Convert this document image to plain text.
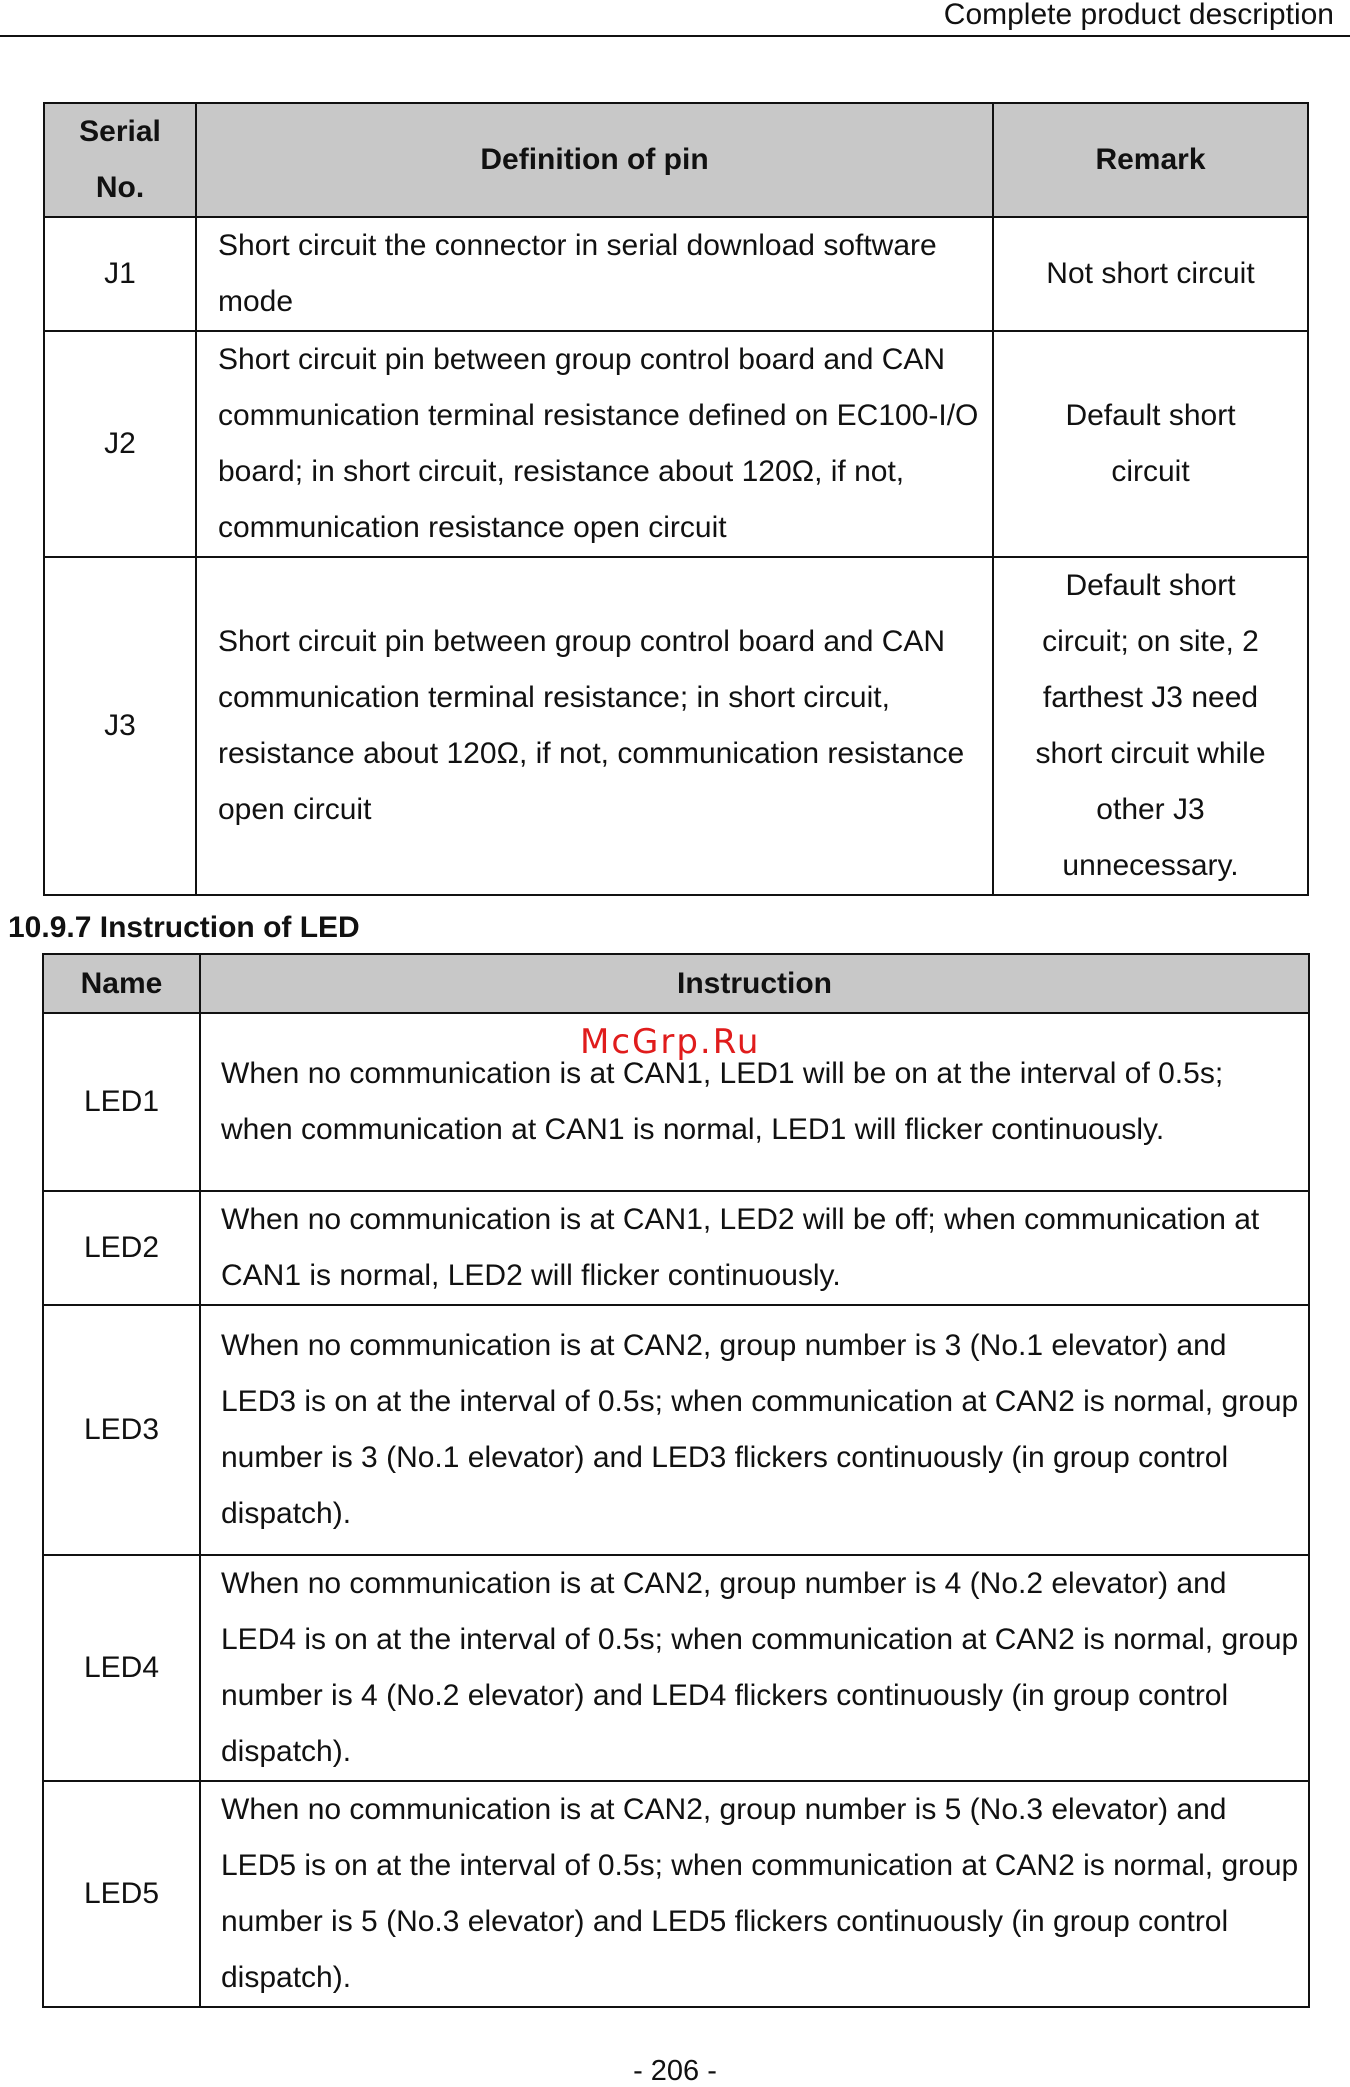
Complete product description
Serial
No.	Definition of pin	Remark
J1	Short circuit the connector in serial download software mode	Not short circuit
J2	Short circuit pin between group control board and CAN communication terminal resistance defined on EC100-I/O board; in short circuit, resistance about 120Ω, if not, communication resistance open circuit	Default short circuit
J3	Short circuit pin between group control board and CAN communication terminal resistance; in short circuit, resistance about 120Ω, if not, communication resistance open circuit	Default short circuit; on site, 2 farthest J3 need short circuit while other J3 unnecessary.
10.9.7 Instruction of LED
Name	Instruction
LED1	When no communication is at CAN1, LED1 will be on at the interval of 0.5s; when communication at CAN1 is normal, LED1 will flicker continuously.
LED2	When no communication is at CAN1, LED2 will be off; when communication at CAN1 is normal, LED2 will flicker continuously.
LED3	When no communication is at CAN2, group number is 3 (No.1 elevator) and LED3 is on at the interval of 0.5s; when communication at CAN2 is normal, group number is 3 (No.1 elevator) and LED3 flickers continuously (in group control dispatch).
LED4	When no communication is at CAN2, group number is 4 (No.2 elevator) and LED4 is on at the interval of 0.5s; when communication at CAN2 is normal, group number is 4 (No.2 elevator) and LED4 flickers continuously (in group control dispatch).
LED5	When no communication is at CAN2, group number is 5 (No.3 elevator) and LED5 is on at the interval of 0.5s; when communication at CAN2 is normal, group number is 5 (No.3 elevator) and LED5 flickers continuously (in group control dispatch).
McGrp.Ru
- 206 -
